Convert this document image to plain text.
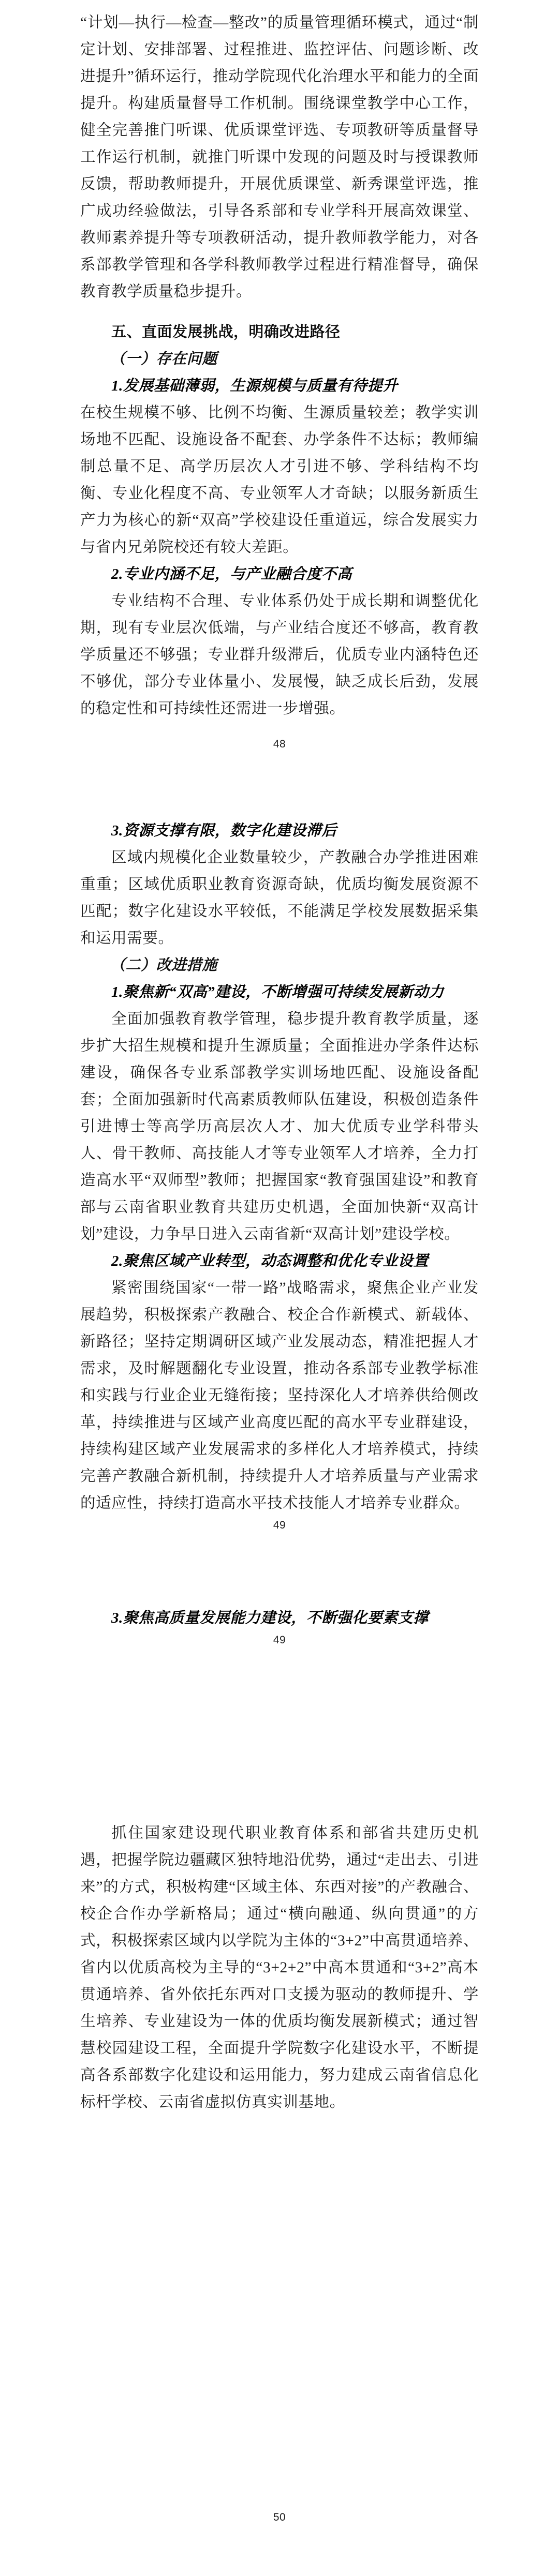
“计划—执行—检查—整改”的质量管理循环模式，通过“制定计划、安排部署、过程推进、监控评估、问题诊断、改进提升”循环运行，推动学院现代化治理水平和能力的全面提升。构建质量督导工作机制。围绕课堂教学中心工作，健全完善推门听课、优质课堂评选、专项教研等质量督导工作运行机制，就推门听课中发现的问题及时与授课教师反馈，帮助教师提升，开展优质课堂、新秀课堂评选，推广成功经验做法，引导各系部和专业学科开展高效课堂、教师素养提升等专项教研活动，提升教师教学能力，对各系部教学管理和各学科教师教学过程进行精准督导，确保教育教学质量稳步提升。

五、直面发展挑战，明确改进路径
（一）存在问题
1.发展基础薄弱，生源规模与质量有待提升

在校生规模不够、比例不均衡、生源质量较差；教学实训场地不匹配、设施设备不配套、办学条件不达标；教师编制总量不足、高学历层次人才引进不够、学科结构不均衡、专业化程度不高、专业领军人才奇缺；以服务新质生产力为核心的新“双高”学校建设任重道远，综合发展实力与省内兄弟院校还有较大差距。

2.专业内涵不足，与产业融合度不高

专业结构不合理、专业体系仍处于成长期和调整优化期，现有专业层次低端，与产业结合度还不够高，教育教学质量还不够强；专业群升级滞后，优质专业内涵特色还不够优，部分专业体量小、发展慢，缺乏成长后劲，发展的稳定性和可持续性还需进一步增强。

48

3.资源支撑有限，数字化建设滞后

区域内规模化企业数量较少，产教融合办学推进困难重重；区域优质职业教育资源奇缺，优质均衡发展资源不匹配；数字化建设水平较低，不能满足学校发展数据采集和运用需要。

（二）改进措施
1.聚焦新“双高”建设，不断增强可持续发展新动力

全面加强教育教学管理，稳步提升教育教学质量，逐步扩大招生规模和提升生源质量；全面推进办学条件达标建设，确保各专业系部教学实训场地匹配、设施设备配套；全面加强新时代高素质教师队伍建设，积极创造条件引进博士等高学历高层次人才、加大优质专业学科带头人、骨干教师、高技能人才等专业领军人才培养，全力打造高水平“双师型”教师；把握国家“教育强国建设”和教育部与云南省职业教育共建历史机遇，全面加快新“双高计划”建设，力争早日进入云南省新“双高计划”建设学校。

2.聚焦区域产业转型，动态调整和优化专业设置

紧密围绕国家“一带一路”战略需求，聚焦企业产业发展趋势，积极探索产教融合、校企合作新模式、新载体、新路径；坚持定期调研区域产业发展动态，精准把握人才需求，及时解题翻化专业设置，推动各系部专业教学标准和实践与行业企业无缝衔接；坚持深化人才培养供给侧改革，持续推进与区域产业高度匹配的高水平专业群建设，持续构建区域产业发展需求的多样化人才培养模式，持续完善产教融合新机制，持续提升人才培养质量与产业需求的适应性，持续打造高水平技术技能人才培养专业群众。

49

3.聚焦高质量发展能力建设，不断强化要素支撑

49

抓住国家建设现代职业教育体系和部省共建历史机遇，把握学院边疆藏区独特地沿优势，通过“走出去、引进来”的方式，积极构建“区域主体、东西对接”的产教融合、校企合作办学新格局；通过“横向融通、纵向贯通”的方式，积极探索区域内以学院为主体的“3+2”中高贯通培养、省内以优质高校为主导的“3+2+2”中高本贯通和“3+2”高本贯通培养、省外依托东西对口支援为驱动的教师提升、学生培养、专业建设为一体的优质均衡发展新模式；通过智慧校园建设工程，全面提升学院数字化建设水平，不断提高各系部数字化建设和运用能力，努力建成云南省信息化标杆学校、云南省虚拟仿真实训基地。

50
